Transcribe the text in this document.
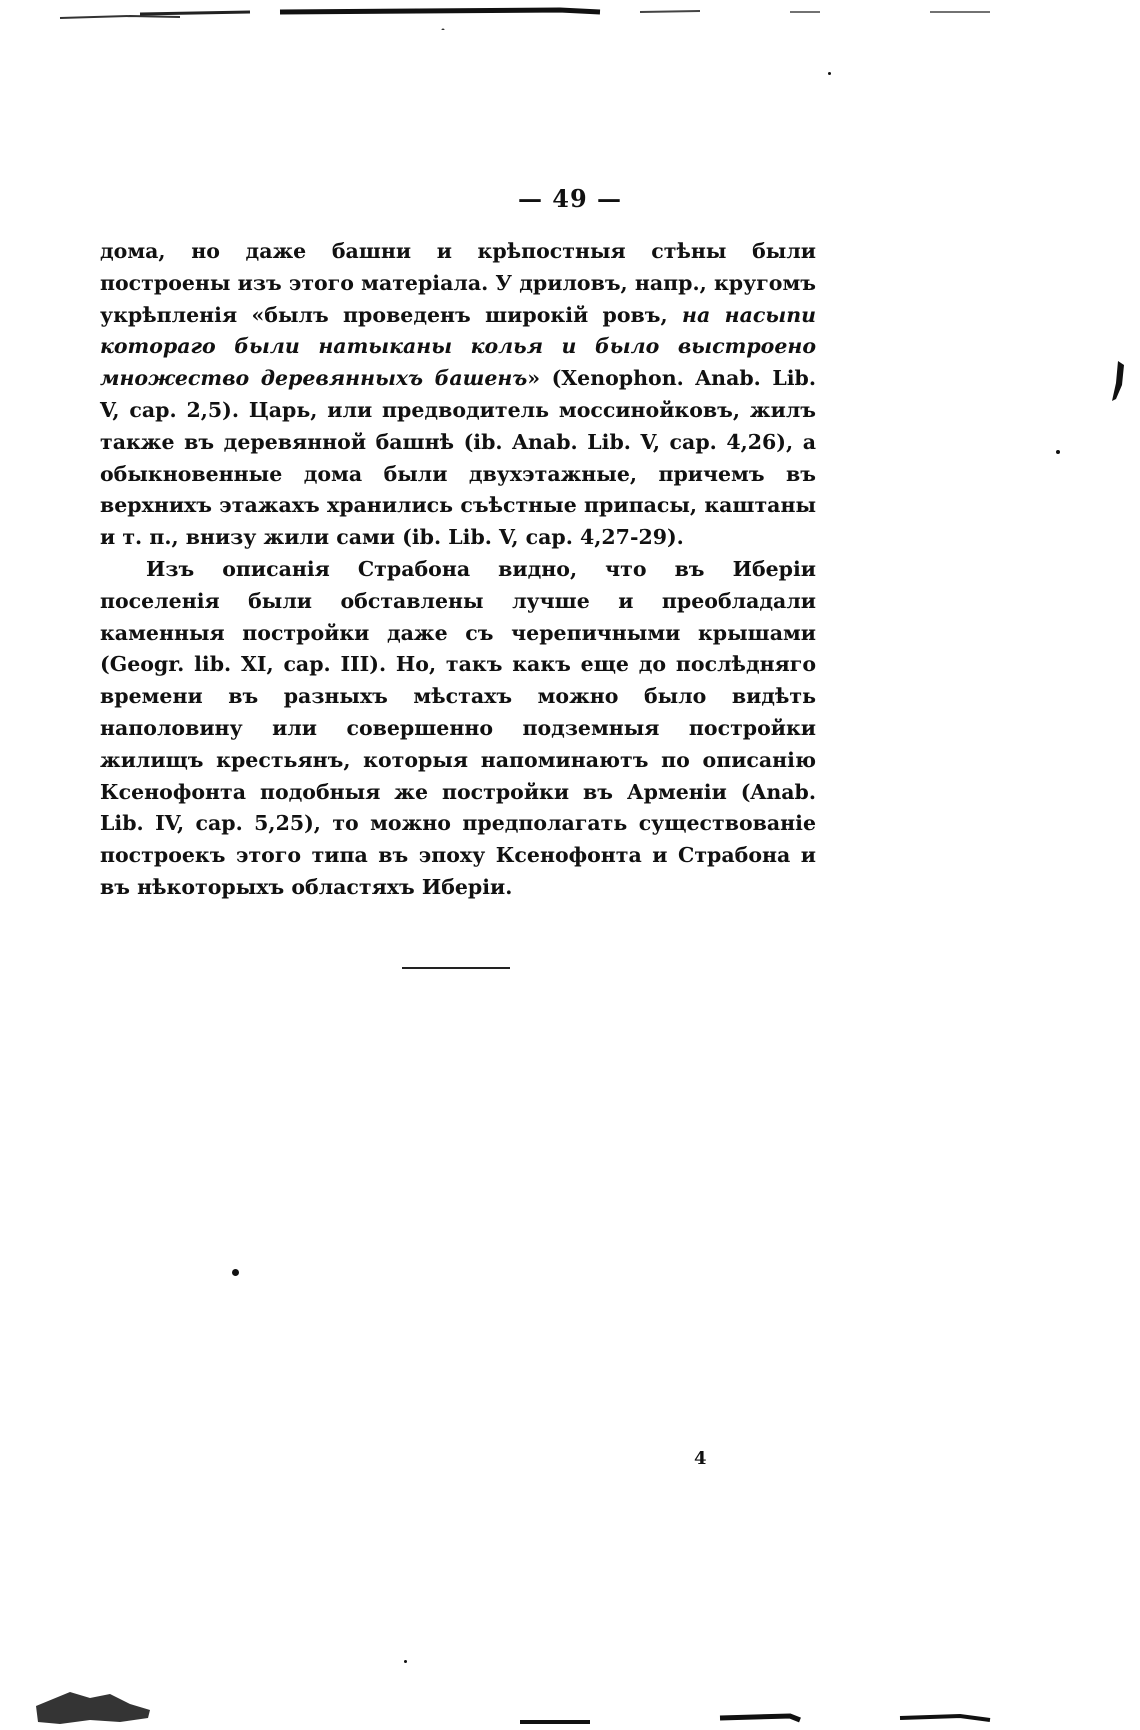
— 49 —

дома, но даже башни и крѣпостныя стѣны были построены изъ этого матеріала. У дриловъ, напр., кругомъ укрѣпленія «былъ проведенъ широкій ровъ, на насыпи котораго были натыканы колья и было выстроено множество деревянныхъ башенъ» (Xenophon. Anab. Lib. V, cap. 2,5). Царь, или предводитель моссинойковъ, жилъ также въ деревянной башнѣ (ib. Anab. Lib. V, cap. 4,26), а обыкновенные дома были двухэтажные, причемъ въ верхнихъ этажахъ хранились съѣстные припасы, каштаны и т. п., внизу жили сами (ib. Lib. V, cap. 4,27-29).

Изъ описанія Страбона видно, что въ Иберіи поселенія были обставлены лучше и преобладали каменныя постройки даже съ черепичными крышами (Geogr. lib. XI, cap. III). Но, такъ какъ еще до послѣдняго времени въ разныхъ мѣстахъ можно было видѣть наполовину или совершенно подземныя постройки жилищъ крестьянъ, которыя напоминаютъ по описанію Ксенофонта подобныя же постройки въ Арменіи (Anab. Lib. IV, cap. 5,25), то можно предполагать существованіе построекъ этого типа въ эпоху Ксенофонта и Страбона и въ нѣкоторыхъ областяхъ Иберіи.

4
